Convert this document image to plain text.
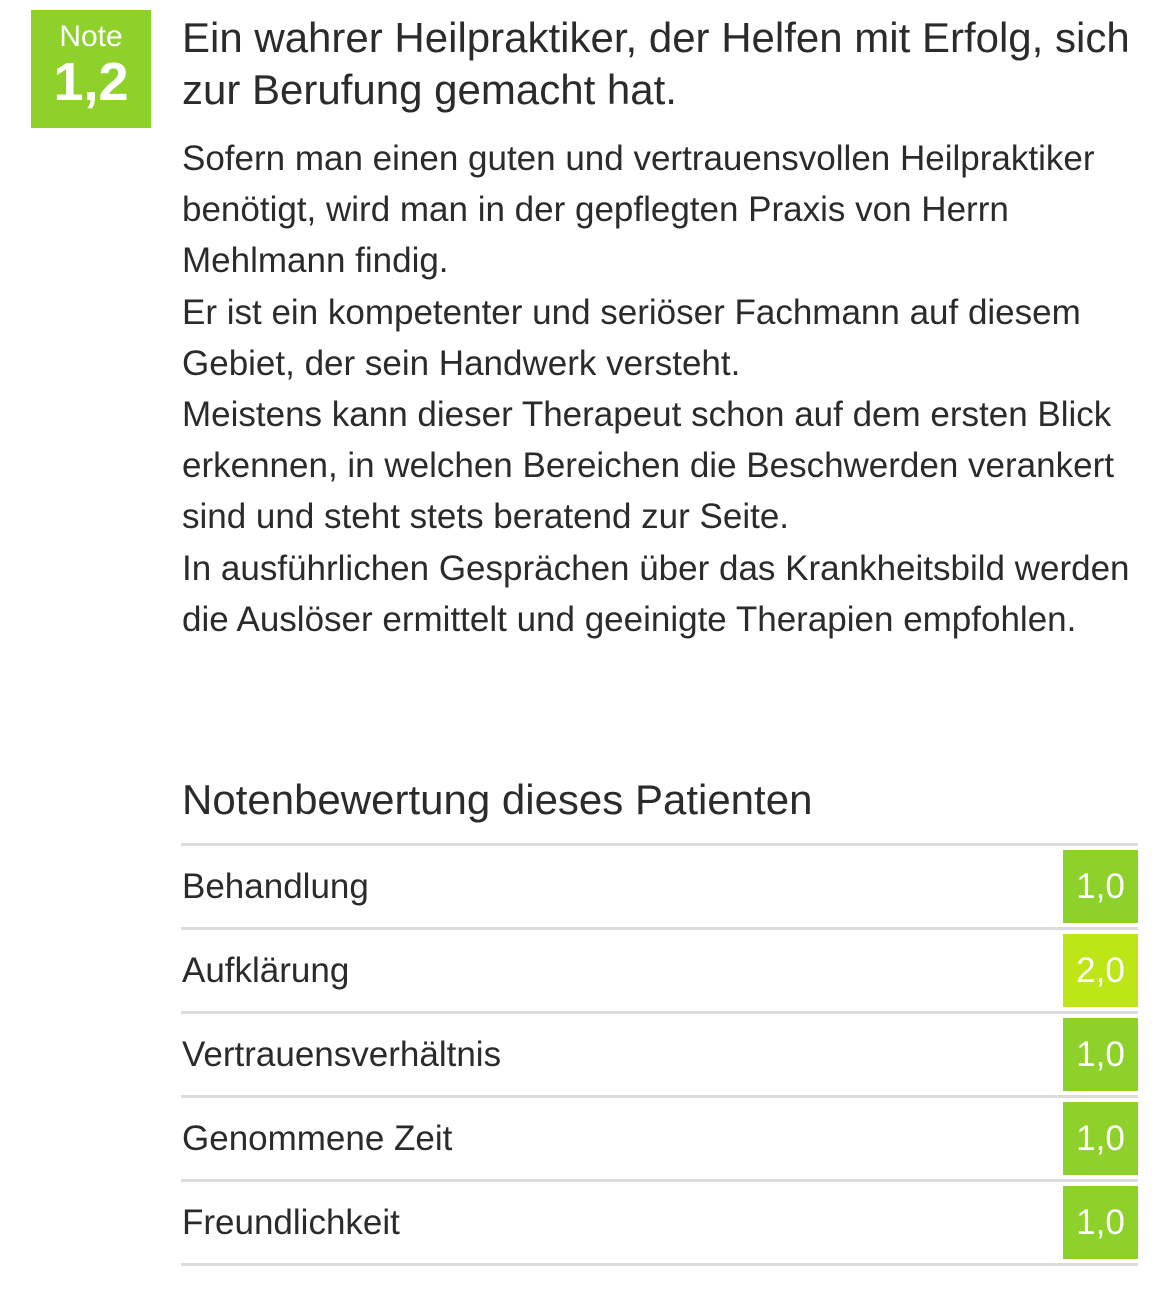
Note
1,2
Ein wahrer Heilpraktiker, der Helfen mit Erfolg, sich zur Berufung gemacht hat.

Sofern man einen guten und vertrauensvollen Heilpraktiker benötigt, wird man in der gepflegten Praxis von Herrn Mehlmann findig.

Er ist ein kompetenter und seriöser Fachmann auf diesem Gebiet, der sein Handwerk versteht.

Meistens kann dieser Therapeut schon auf dem ersten Blick erkennen, in welchen Bereichen die Beschwerden verankert sind und steht stets beratend zur Seite.

In ausführlichen Gesprächen über das Krankheitsbild werden die Auslöser ermittelt und geeinigte Therapien empfohlen.

Notenbewertung dieses Patienten
Behandlung	1,0
Aufklärung	2,0
Vertrauensverhältnis	1,0
Genommene Zeit	1,0
Freundlichkeit	1,0
